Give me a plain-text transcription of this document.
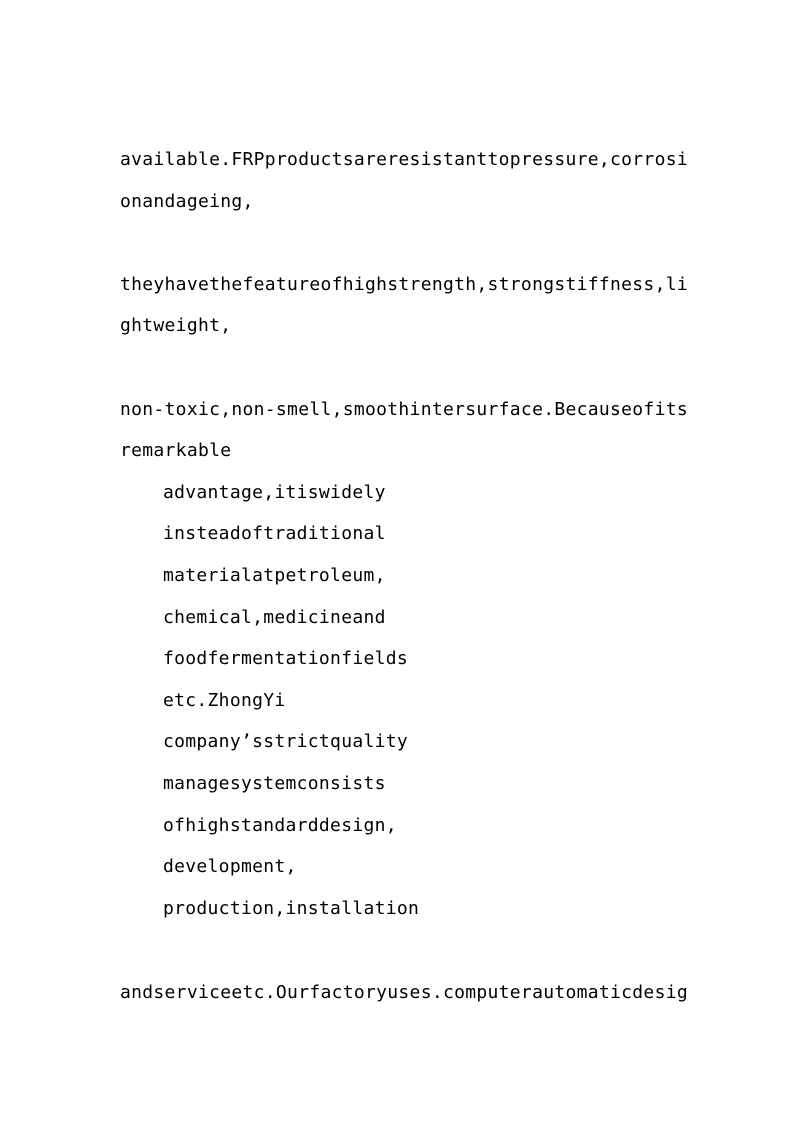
available.FRPproductsareresistanttopressure,corrosi
onandageing,
theyhavethefeatureofhighstrength,strongstiffness,li
ghtweight,
non-toxic,non-smell,smoothintersurface.Becauseofits
remarkable
advantage,itiswidely
insteadoftraditional
materialatpetroleum,
chemical,medicineand
foodfermentationfields
etc.ZhongYi
company’sstrictquality
managesystemconsists
ofhighstandarddesign,
development,
production,installation
andserviceetc.Ourfactoryuses.computerautomaticdesig
